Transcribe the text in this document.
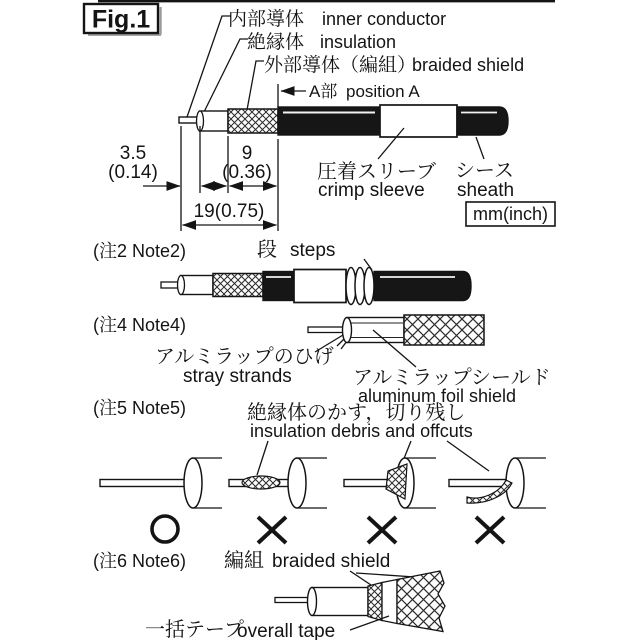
Fig.1	内部導体 inner conductor
絶縁体 insulation
外部導体（編組）
braided shield
A部 position A
3.5
(0.14)
9
(0.36)
19(0.75)
圧着スリーブ
crimp sleeve
シース
sheath
mm(inch)
(注2 Note2)	段 steps
(注4 Note4)
アルミラップのひげ
stray strands	アルミラップシールド
aluminum foil shield
(注5 Note5)	絶縁体のかす，切り残し
insulation debris and offcuts
(注6 Note6) 編組 braided shield
一括テープ
overall tape
